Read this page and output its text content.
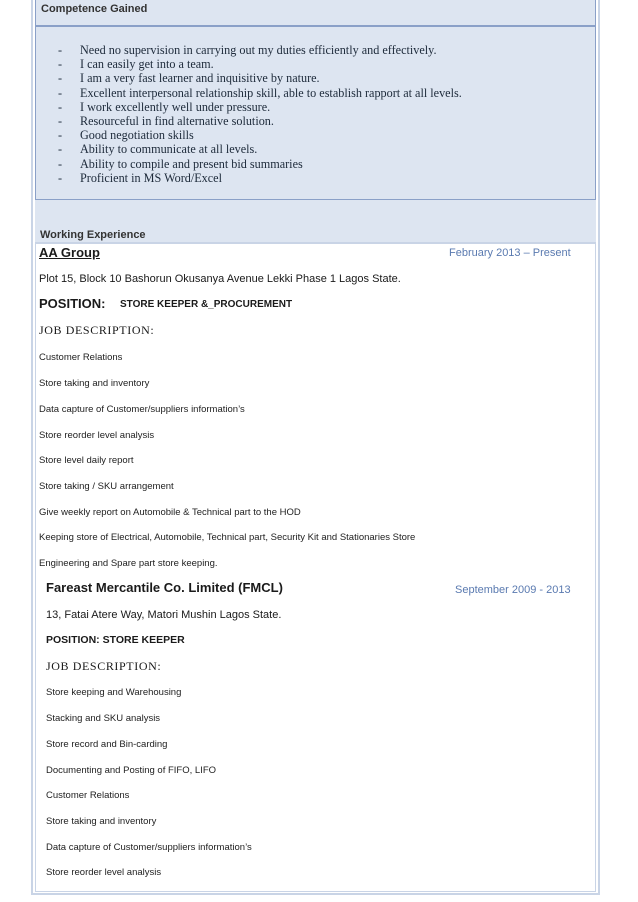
Competence Gained
- Need no supervision in carrying out my duties efficiently and effectively.
- I can easily get into a team.
- I am a very fast learner and inquisitive by nature.
- Excellent interpersonal relationship skill, able to establish rapport at all levels.
- I work excellently well under pressure.
- Resourceful in find alternative solution.
- Good negotiation skills
- Ability to communicate at all levels.
- Ability to compile and present bid summaries
- Proficient in MS Word/Excel
Working Experience
AA Group	February 2013 – Present
Plot 15, Block 10 Bashorun Okusanya Avenue Lekki Phase 1 Lagos State.
POSITION: STORE KEEPER &_PROCUREMENT
JOB DESCRIPTION:
Customer Relations
Store taking and inventory
Data capture of Customer/suppliers information’s
Store reorder level analysis
Store level daily report
Store taking / SKU arrangement
Give weekly report on Automobile & Technical part to the HOD
Keeping store of Electrical, Automobile, Technical part, Security Kit and Stationaries Store
Engineering and Spare part store keeping.
Fareast Mercantile Co. Limited (FMCL)	September 2009 - 2013
13, Fatai Atere Way, Matori Mushin Lagos State.
POSITION: STORE KEEPER
JOB DESCRIPTION:
Store keeping and Warehousing
Stacking and SKU analysis
Store record and Bin-carding
Documenting and Posting of FIFO, LIFO
Customer Relations
Store taking and inventory
Data capture of Customer/suppliers information’s
Store reorder level analysis
